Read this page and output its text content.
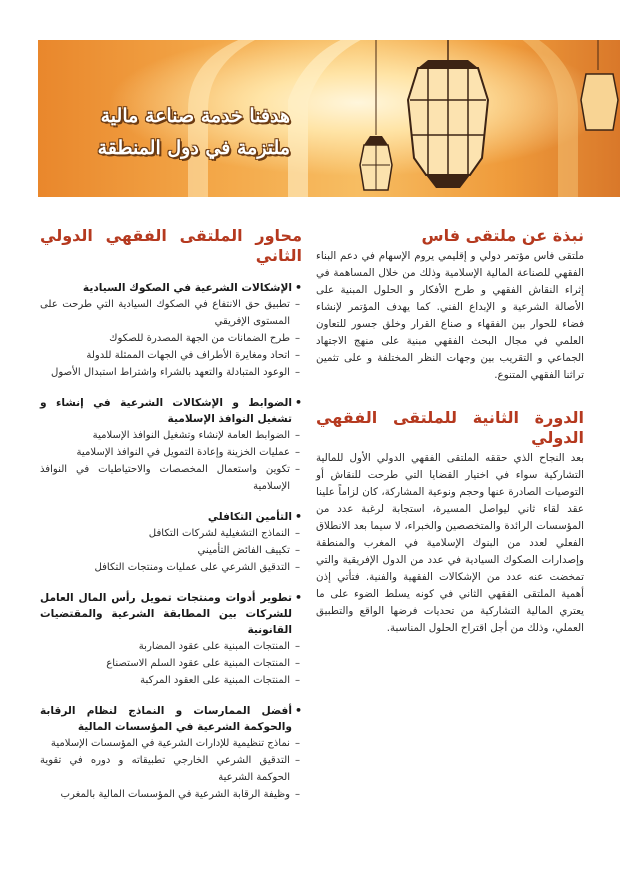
هدفنا خدمة صناعة مالية
ملتزمة في دول المنطقة
نبذة عن ملتقى فاس

ملتقى فاس مؤتمر دولي و إقليمي يروم الإسهام في دعم البناء الفقهي للصناعة المالية الإسلامية وذلك من خلال المساهمة في إثراء النقاش الفقهي و طرح الأفكار و الحلول المبنية على الأصالة الشرعية و الإبداع الفني. كما يهدف المؤتمر لإنشاء فضاء للحوار بين الفقهاء و صناع القرار وخلق جسور للتعاون العلمي في مجال البحث الفقهي مبنية على منهج الاجتهاد الجماعي و التقريب بين وجهات النظر المختلفة و على تثمين تراثنا الفقهي المتنوع.

الدورة الثانية للملتقى الفقهي الدولي

بعد النجاح الذي حققه الملتقى الفقهي الدولي الأول للمالية التشاركية سواء في اختيار القضايا التي طرحت للنقاش أو التوصيات الصادرة عنها وحجم ونوعية المشاركة، كان لزاماً علينا عقد لقاء ثاني ليواصل المسيرة، استجابة لرغبة عدد من المؤسسات الرائدة والمتخصصين والخبراء، لا سيما بعد الانطلاق الفعلي لعدد من البنوك الإسلامية في المغرب والمنطقة وإصدارات الصكوك السيادية في عدد من الدول الإفريقية والتي تمخضت عنه عدد من الإشكالات الفقهية والفنية. فتأتي إذن أهمية الملتقى الفقهي الثاني في كونه يسلط الضوء على ما يعتري المالية التشاركية من تحديات فرضها الواقع والتطبيق العملي، وذلك من أجل اقتراح الحلول المناسبة.

محاور الملتقى الفقهي الدولي الثاني
•
الإشكالات الشرعية في الصكوك السيادية
–
تطبيق حق الانتفاع في الصكوك السيادية التي طرحت على المستوى الإفريقي
–
طرح الضمانات من الجهة المصدرة للصكوك
–
اتحاد ومغايرة الأطراف في الجهات الممثلة للدولة
–
الوعود المتبادلة والتعهد بالشراء واشتراط استبدال الأصول
•
الضوابط و الإشكالات الشرعية في إنشاء و تشغيل النوافذ الإسلامية
–
الضوابط العامة لإنشاء وتشغيل النوافذ الإسلامية
–
عمليات الخزينة وإعادة التمويل في النوافذ الإسلامية
–
تكوين واستعمال المخصصات والاحتياطيات في النوافذ الإسلامية
•
التأمين التكافلي
–
النماذج التشغيلية لشركات التكافل
–
تكييف الفائض التأميني
–
التدقيق الشرعي على عمليات ومنتجات التكافل
•
تطوير أدوات ومنتجات تمويل رأس المال العامل للشركات بين المطابقة الشرعية والمقتضيات القانونية
–
المنتجات المبنية على عقود المضاربة
–
المنتجات المبنية على عقود السلم الاستصناع
–
المنتجات المبنية على العقود المركبة
•
أفضل الممارسات و النماذج لنظام الرقابة والحوكمة الشرعية في المؤسسات المالية
–
نماذج تنظيمية للإدارات الشرعية في المؤسسات الإسلامية
–
التدقيق الشرعي الخارجي تطبيقاته و دوره في تقوية الحوكمة الشرعية
–
وظيفة الرقابة الشرعية في المؤسسات المالية بالمغرب
